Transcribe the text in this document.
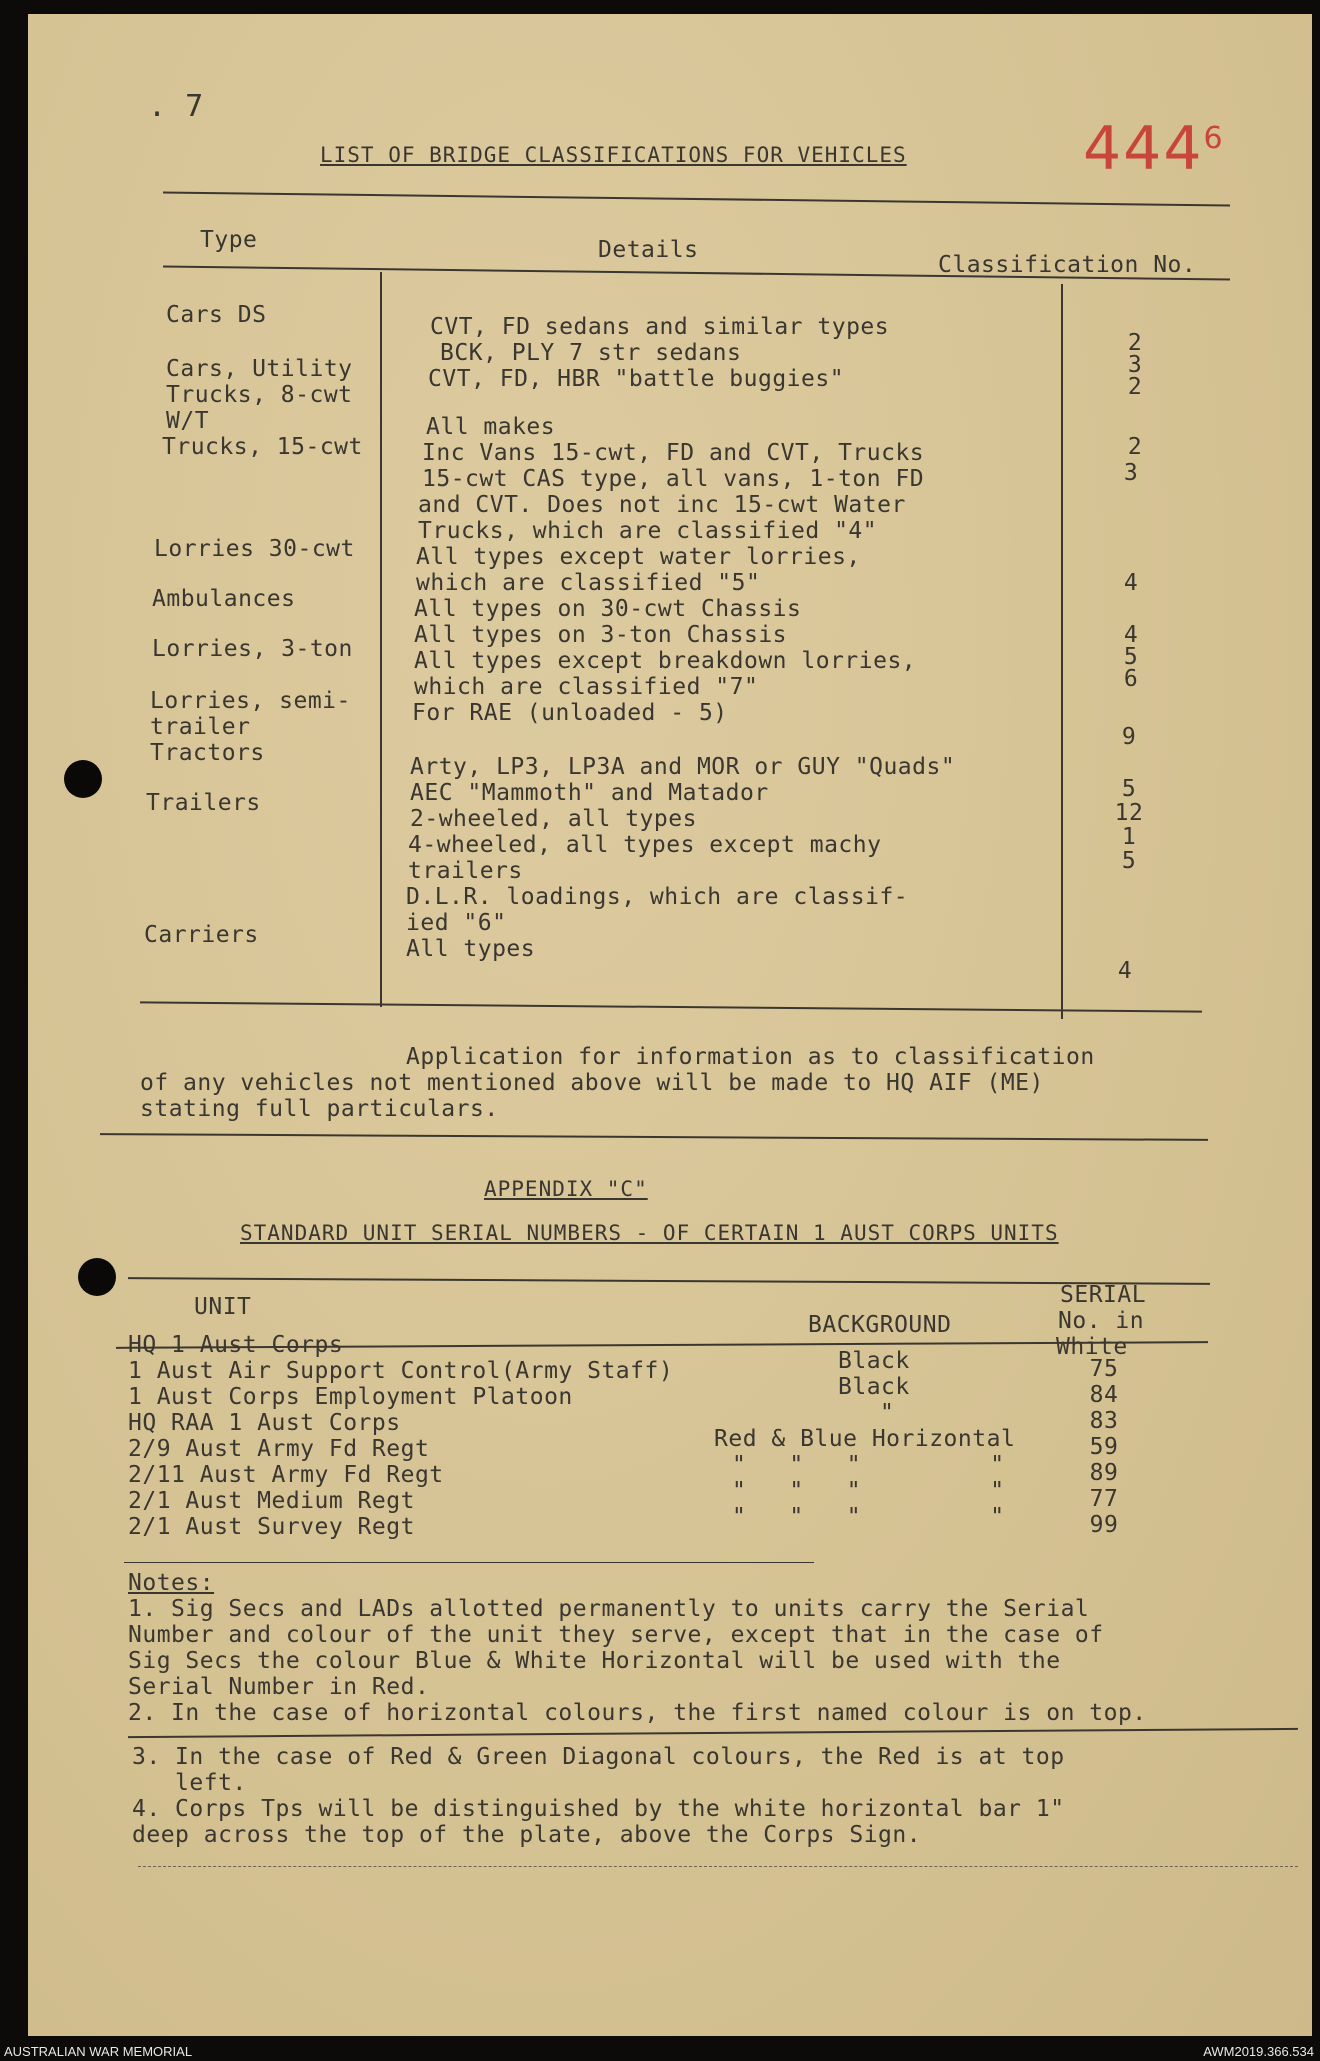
. 7
$444^6$
LIST OF BRIDGE CLASSIFICATIONS FOR VEHICLES
Type	Details
Classification No.
Cars DS
Cars, Utility
Trucks, 8-cwt
W/T
Trucks, 15-cwt
Lorries 30-cwt
Ambulances
Lorries, 3-ton
Lorries, semi-
trailer
Tractors
Trailers
Carriers
CVT, FD sedans and similar types
BCK, PLY 7 str sedans
CVT, FD, HBR "battle buggies"
All makes
Inc Vans 15-cwt, FD and CVT, Trucks
15-cwt CAS type, all vans, 1-ton FD
and CVT. Does not inc 15-cwt Water
Trucks, which are classified "4"
All types except water lorries,
which are classified "5"
All types on 30-cwt Chassis
All types on 3-ton Chassis
All types except breakdown lorries,
which are classified "7"
For RAE (unloaded - 5)
Arty, LP3, LP3A and MOR or GUY "Quads"
AEC "Mammoth" and Matador
2-wheeled, all types
4-wheeled, all types except machy
trailers
D.L.R. loadings, which are classif-
ied "6"
All types
2
3
2
2
3
4
4
5
6
9
5
12
1
5
4
Application for information as to classification
of any vehicles not mentioned above will be made to HQ AIF (ME)
stating full particulars.
APPENDIX "C"
STANDARD UNIT SERIAL NUMBERS - OF CERTAIN 1 AUST CORPS UNITS
UNIT
BACKGROUND
SERIAL
No. in
White
HQ 1 Aust Corps
1 Aust Air Support Control(Army Staff)
1 Aust Corps Employment Platoon
HQ RAA 1 Aust Corps
2/9 Aust Army Fd Regt
2/11 Aust Army Fd Regt
2/1 Aust Medium Regt
2/1 Aust Survey Regt
Black
Black
"
Red & Blue Horizontal
"   "   "         "
"   "   "         "
"   "   "         "
75
84
83
59
89
77
99
Notes:
1. Sig Secs and LADs allotted permanently to units carry the Serial
Number and colour of the unit they serve, except that in the case of
Sig Secs the colour Blue & White Horizontal will be used with the
Serial Number in Red.
2. In the case of horizontal colours, the first named colour is on top.
3. In the case of Red & Green Diagonal colours, the Red is at top
left.
4. Corps Tps will be distinguished by the white horizontal bar 1"
deep across the top of the plate, above the Corps Sign.
AUSTRALIAN WAR MEMORIAL	AWM2019.366.534
